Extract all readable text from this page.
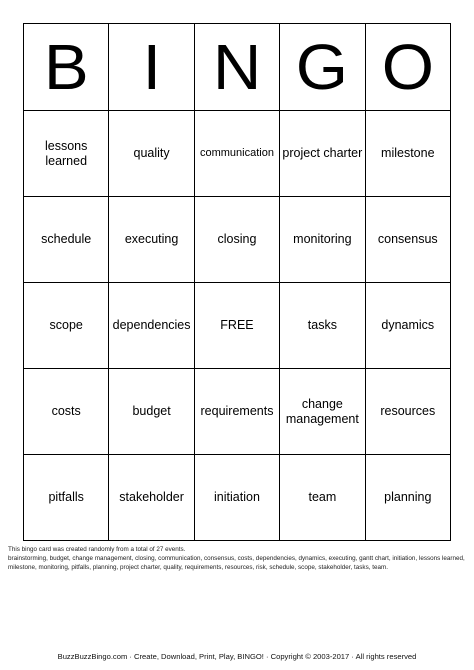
B	I	N	G	O
lessons learned	quality	communication	project charter	milestone
schedule	executing	closing	monitoring	consensus
scope	dependencies	FREE	tasks	dynamics
costs	budget	requirements	change management	resources
pitfalls	stakeholder	initiation	team	planning

This bingo card was created randomly from a total of 27 events.

brainstorming, budget, change management, closing, communication, consensus, costs, dependencies, dynamics, executing, gantt chart, initiation, lessons learned, milestone, monitoring, pitfalls, planning, project charter, quality, requirements, resources, risk, schedule, scope, stakeholder, tasks, team.

BuzzBuzzBingo.com · Create, Download, Print, Play, BINGO! · Copyright © 2003-2017 · All rights reserved
